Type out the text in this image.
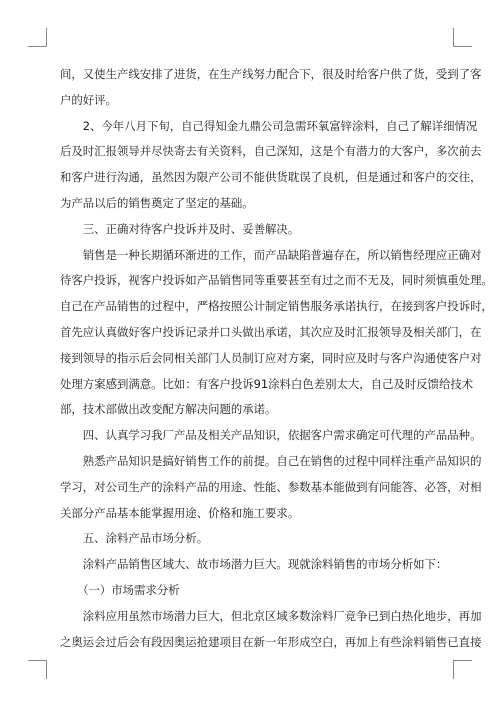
间，又使生产线安排了进货，在生产线努力配合下，很及时给客户供了货，受到了客
户的好评。
　　2、今年八月下旬，自己得知金九鼎公司急需环氧富锌涂料，自己了解详细情况
后及时汇报领导并尽快寄去有关资料，自己深知，这是个有潜力的大客户，多次前去
和客户进行沟通，虽然因为限产公司不能供货耽误了良机，但是通过和客户的交往，
为产品以后的销售奠定了坚定的基础。
　　三、正确对待客户投诉并及时、妥善解决。
　　销售是一种长期循环渐进的工作，而产品缺陷普遍存在，所以销售经理应正确对
待客户投诉，视客户投诉如产品销售同等重要甚至有过之而不无及，同时须慎重处理。
自己在产品销售的过程中，严格按照公计制定销售服务承诺执行，在接到客户投诉时，
首先应认真做好客户投诉记录并口头做出承诺，其次应及时汇报领导及相关部门，在
接到领导的指示后会同相关部门人员制订应对方案，同时应及时与客户沟通使客户对
处理方案感到满意。比如：有客户投诉91涂料白色差别太大，自己及时反馈给技术
部，技术部做出改变配方解决问题的承诺。
　　四、认真学习我厂产品及相关产品知识，依据客户需求确定可代理的产品品种。
　　熟悉产品知识是搞好销售工作的前提。自己在销售的过程中同样注重产品知识的
学习，对公司生产的涂料产品的用途、性能、参数基本能做到有问能答、必答，对相
关部分产品基本能掌握用途、价格和施工要求。
　　五、涂料产品市场分析。
　　涂料产品销售区域大、故市场潜力巨大。现就涂料销售的市场分析如下：
　　（一）市场需求分析
　　涂料应用虽然市场潜力巨大，但北京区域多数涂料厂竞争已到白热化地步，再加
之奥运会过后会有段因奥运抢建项目在新一年形成空白，再加上有些涂料销售已直接
